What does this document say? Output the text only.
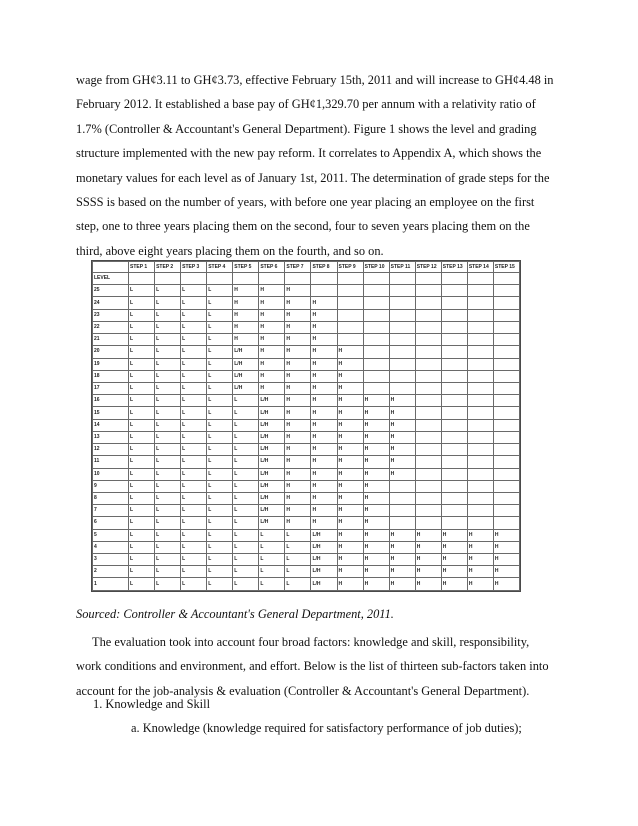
wage from GH¢3.11 to GH¢3.73, effective February 15th, 2011 and will increase to GH¢4.48 in
February 2012. It established a base pay of GH¢1,329.70 per annum with a relativity ratio of
1.7% (Controller & Accountant's General Department). Figure 1 shows the level and grading
structure implemented with the new pay reform. It correlates to Appendix A, which shows the
monetary values for each level as of January 1st, 2011. The determination of grade steps for the
SSSS is based on the number of years, with before one year placing an employee on the first
step, one to three years placing them on the second, four to seven years placing them on the
third, above eight years placing them on the fourth, and so on.
	STEP 1	STEP 2	STEP 3	STEP 4	STEP 5	STEP 6	STEP 7	STEP 8	STEP 9	STEP 10	STEP 11	STEP 12	STEP 13	STEP 14	STEP 15
LEVEL															
25	L	L	L	L	H	H	H								
24	L	L	L	L	H	H	H	H							
23	L	L	L	L	H	H	H	H							
22	L	L	L	L	H	H	H	H							
21	L	L	L	L	H	H	H	H							
20	L	L	L	L	L/H	H	H	H	H						
19	L	L	L	L	L/H	H	H	H	H						
18	L	L	L	L	L/H	H	H	H	H						
17	L	L	L	L	L/H	H	H	H	H						
16	L	L	L	L	L	L/H	H	H	H	H	H				
15	L	L	L	L	L	L/H	H	H	H	H	H				
14	L	L	L	L	L	L/H	H	H	H	H	H				
13	L	L	L	L	L	L/H	H	H	H	H	H				
12	L	L	L	L	L	L/H	H	H	H	H	H				
11	L	L	L	L	L	L/H	H	H	H	H	H				
10	L	L	L	L	L	L/H	H	H	H	H	H				
9	L	L	L	L	L	L/H	H	H	H	H					
8	L	L	L	L	L	L/H	H	H	H	H					
7	L	L	L	L	L	L/H	H	H	H	H					
6	L	L	L	L	L	L/H	H	H	H	H					
5	L	L	L	L	L	L	L	L/H	H	H	H	H	H	H	H
4	L	L	L	L	L	L	L	L/H	H	H	H	H	H	H	H
3	L	L	L	L	L	L	L	L/H	H	H	H	H	H	H	H
2	L	L	L	L	L	L	L	L/H	H	H	H	H	H	H	H
1	L	L	L	L	L	L	L	L/H	H	H	H	H	H	H	H
Sourced: Controller & Accountant's General Department, 2011.
The evaluation took into account four broad factors: knowledge and skill, responsibility,
work conditions and environment, and effort. Below is the list of thirteen sub-factors taken into
account for the job-analysis & evaluation (Controller & Accountant's General Department).
1. Knowledge and Skill
a. Knowledge (knowledge required for satisfactory performance of job duties);
